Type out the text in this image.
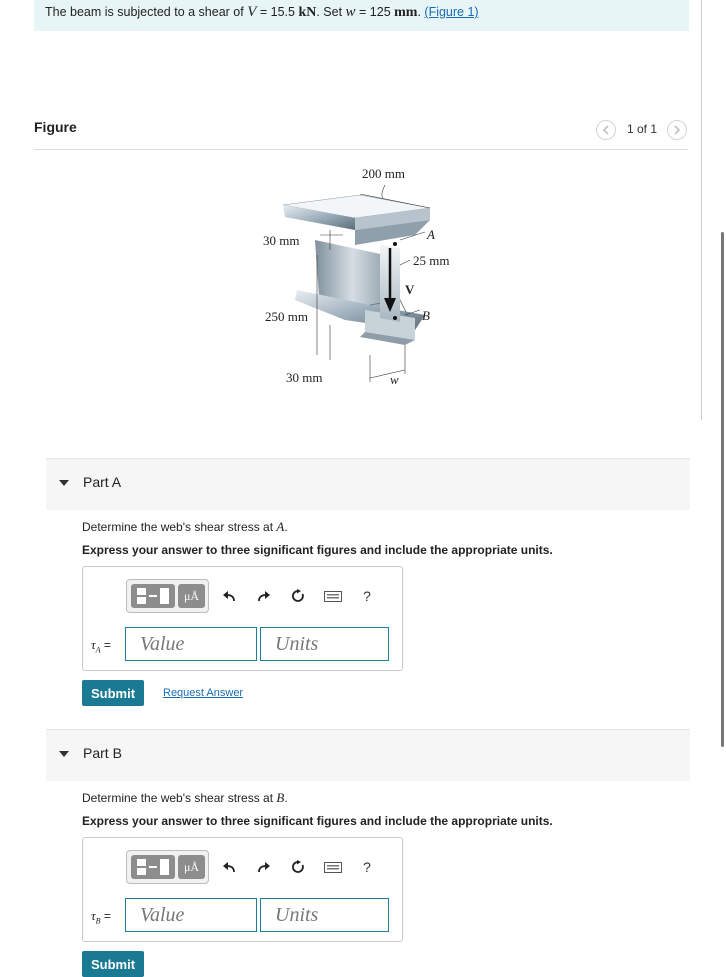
The beam is subjected to a shear of V = 15.5 kN. Set w = 125 mm. (Figure 1)
Figure	1 of 1
200 mm
30 mm
25 mm
V
A
B
250 mm
30 mm	w
Part A
Determine the web's shear stress at A.
Express your answer to three significant figures and include the appropriate units.
μÅ	?
$\tau_A$ =	Value	Units
Submit	Request Answer
Part B
Determine the web's shear stress at B.
Express your answer to three significant figures and include the appropriate units.
μÅ	?
$\tau_B$ =	Value	Units
Submit
